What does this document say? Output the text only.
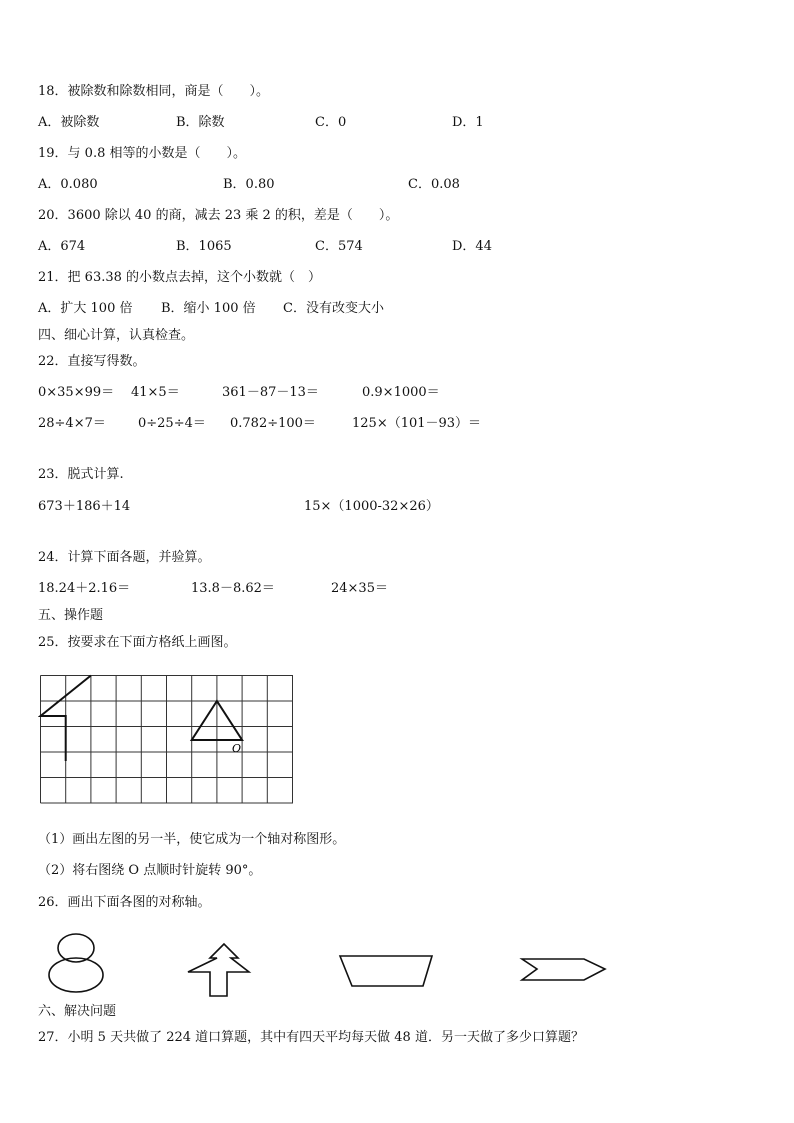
18．被除数和除数相同，商是（　　）。
A．被除数	B．除数	C．0	D．1
19．与 0.8 相等的小数是（　　）。
A．0.080	B．0.80	C．0.08
20．3600 除以 40 的商，减去 23 乘 2 的积，差是（　　）。
A．674	B．1065	C．574	D．44
21．把 63.38 的小数点去掉，这个小数就（　）
A．扩大 100 倍 B．缩小 100 倍 C．没有改变大小
四、细心计算，认真检查。
22．直接写得数。
0×35×99＝ 41×5＝	361－87－13＝	0.9×1000＝
28÷4×7＝ 0÷25÷4＝ 0.782÷100＝	125×（101－93）＝
23．脱式计算.
673＋186＋14	15×（1000-32×26）
24．计算下面各题，并验算。
18.24＋2.16＝	13.8－8.62＝	24×35＝
五、操作题
25．按要求在下面方格纸上画图。
O
（1）画出左图的另一半，使它成为一个轴对称图形。
（2）将右图绕 O 点顺时针旋转 90°。
26．画出下面各图的对称轴。
六、解决问题
27．小明 5 天共做了 224 道口算题，其中有四天平均每天做 48 道．另一天做了多少口算题？
